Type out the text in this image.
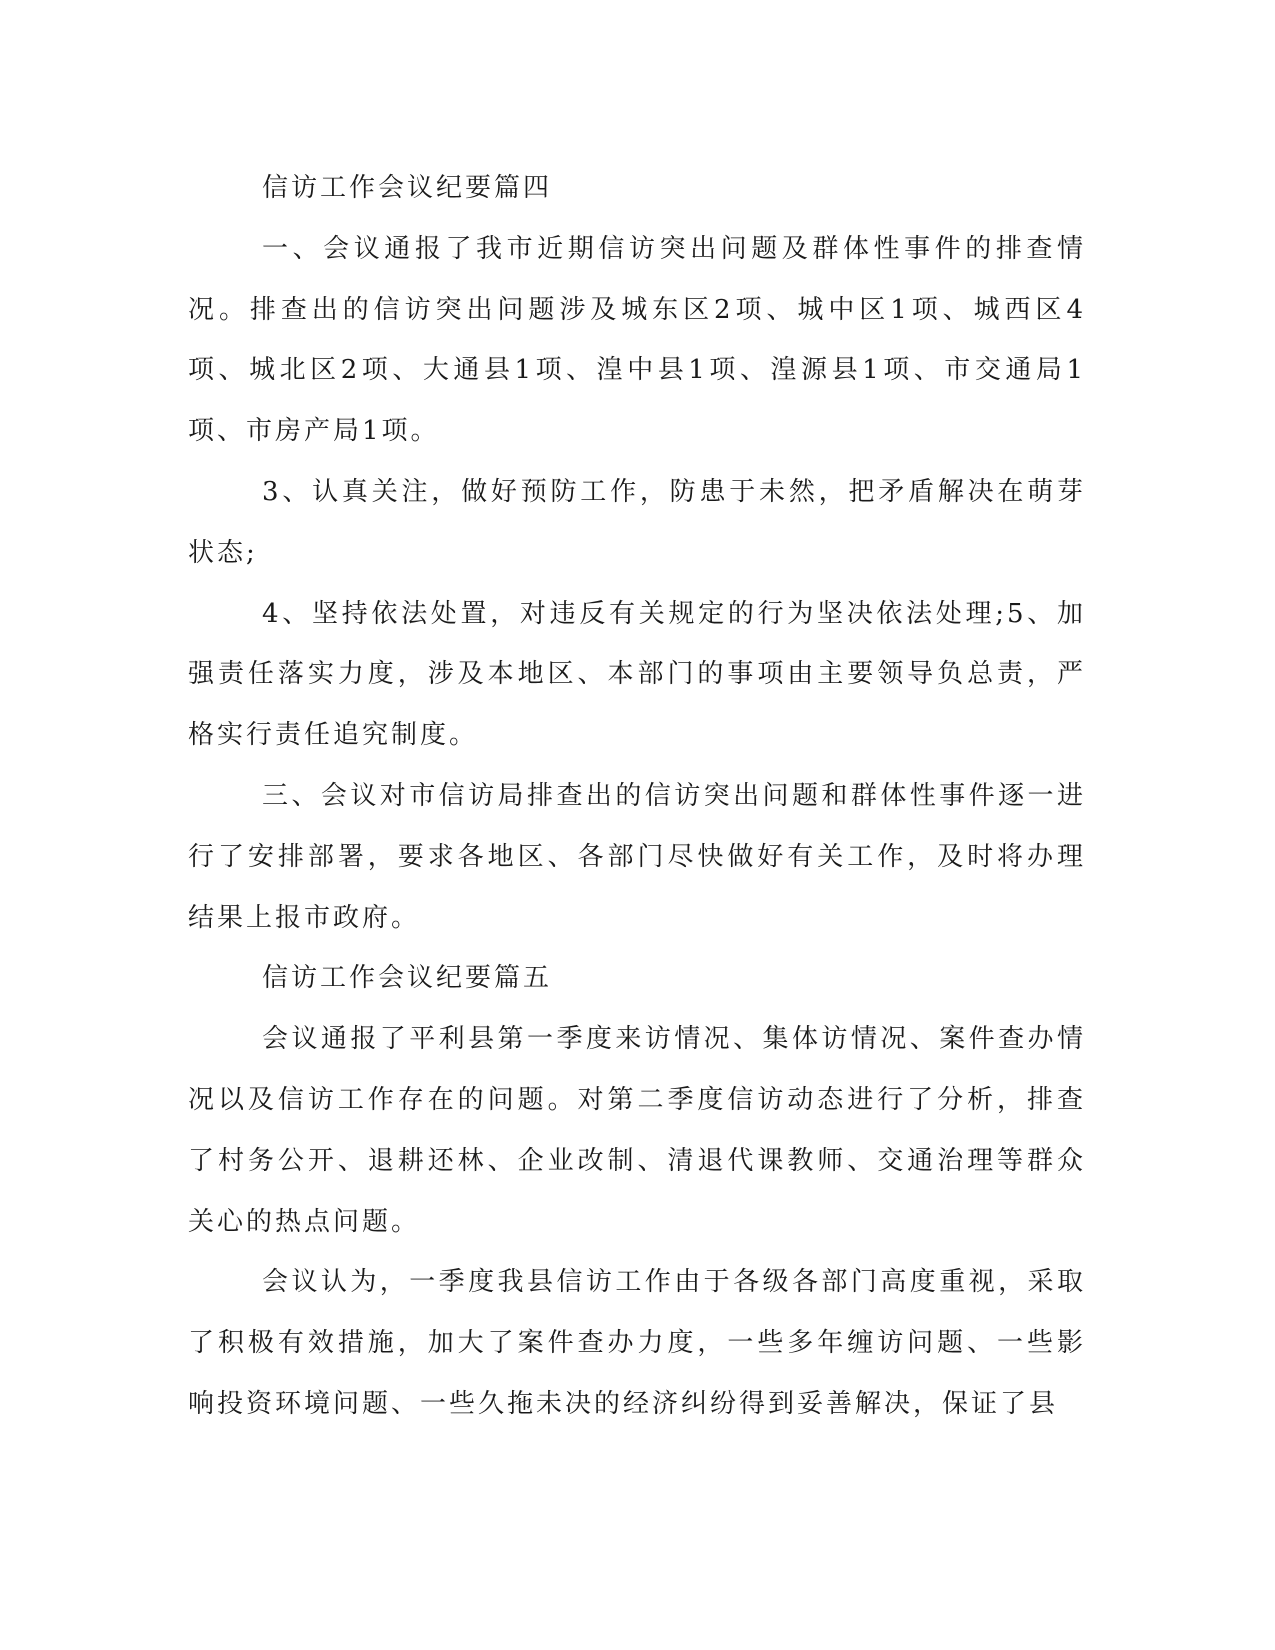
信访工作会议纪要篇四

一、会议通报了我市近期信访突出问题及群体性事件的排查情况。排查出的信访突出问题涉及城东区2项、城中区1项、城西区4项、城北区2项、大通县1项、湟中县1项、湟源县1项、市交通局1项、市房产局1项。

3、认真关注，做好预防工作，防患于未然，把矛盾解决在萌芽状态;

4、坚持依法处置，对违反有关规定的行为坚决依法处理;5、加强责任落实力度，涉及本地区、本部门的事项由主要领导负总责，严格实行责任追究制度。

三、会议对市信访局排查出的信访突出问题和群体性事件逐一进行了安排部署，要求各地区、各部门尽快做好有关工作，及时将办理结果上报市政府。

信访工作会议纪要篇五

会议通报了平利县第一季度来访情况、集体访情况、案件查办情况以及信访工作存在的问题。对第二季度信访动态进行了分析，排查了村务公开、退耕还林、企业改制、清退代课教师、交通治理等群众关心的热点问题。

会议认为，一季度我县信访工作由于各级各部门高度重视，采取了积极有效措施，加大了案件查办力度，一些多年缠访问题、一些影响投资环境问题、一些久拖未决的经济纠纷得到妥善解决，保证了县
